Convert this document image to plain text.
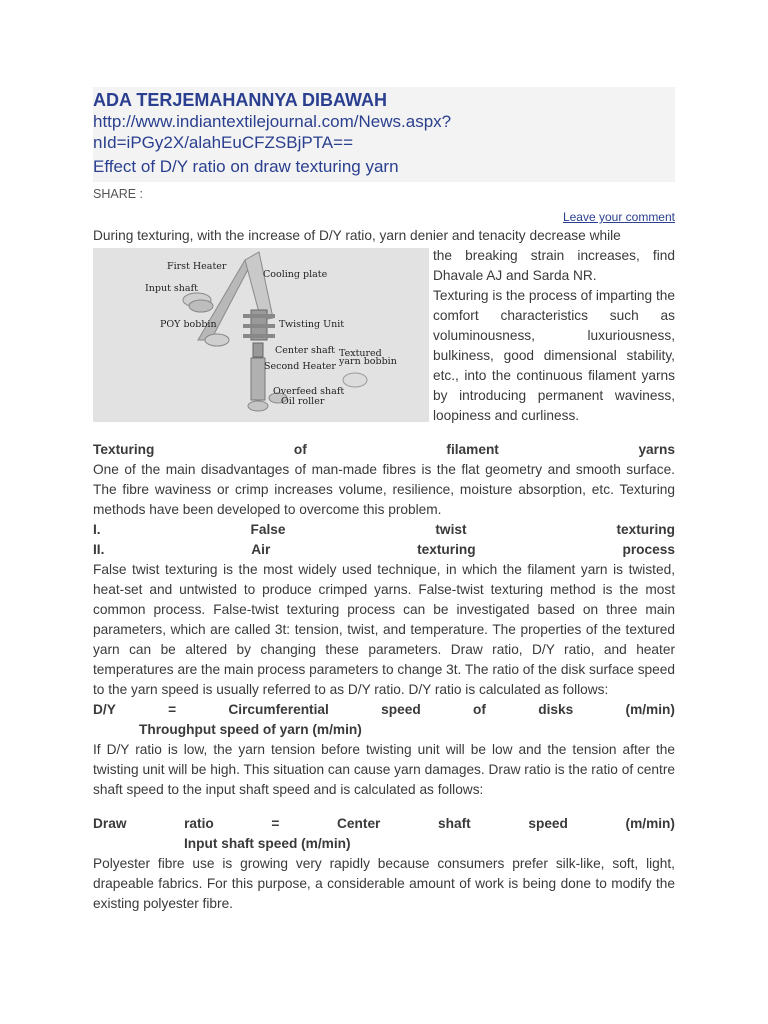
ADA TERJEMAHANNYA DIBAWAH
http://www.indiantextilejournal.com/News.aspx?
nId=iPGy2X/alahEuCFZSBjPTA==
Effect of D/Y ratio on draw texturing yarn
SHARE :
Leave your comment

During texturing, with the increase of D/Y ratio, yarn denier and tenacity decrease while

First Heater
Cooling plate
Input shaft
POY bobbin	Twisting Unit
Center shaft Textured
yarn bobbin
Second Heater
Overfeed shaft
Oil roller

the breaking strain increases, find Dhavale AJ and Sarda NR.

Texturing is the process of imparting the comfort characteristics such as voluminousness, luxuriousness, bulkiness, good dimensional stability, etc., into the continuous filament yarns by introducing permanent waviness, loopiness and curliness.

Texturing	of	filament	yarns

One of the main disadvantages of man-made fibres is the flat geometry and smooth surface. The fibre waviness or crimp increases volume, resilience, moisture absorption, etc. Texturing methods have been developed to overcome this problem.

I.	False	twist	texturing
II.	Air	texturing	process

False twist texturing is the most widely used technique, in which the filament yarn is twisted, heat-set and untwisted to produce crimped yarns. False-twist texturing method is the most common process. False-twist texturing process can be investigated based on three main parameters, which are called 3t: tension, twist, and temperature. The properties of the textured yarn can be altered by changing these parameters. Draw ratio, D/Y ratio, and heater temperatures are the main process parameters to change 3t. The ratio of the disk surface speed to the yarn speed is usually referred to as D/Y ratio. D/Y ratio is calculated as follows:

D/Y	=	Circumferential	speed	of	disks	(m/min)
Throughput speed of yarn (m/min)

If D/Y ratio is low, the yarn tension before twisting unit will be low and the tension after the twisting unit will be high. This situation can cause yarn damages. Draw ratio is the ratio of centre shaft speed to the input shaft speed and is calculated as follows:

Draw	ratio	=	Center	shaft	speed	(m/min)
Input shaft speed (m/min)

Polyester fibre use is growing very rapidly because consumers prefer silk-like, soft, light, drapeable fabrics. For this purpose, a considerable amount of work is being done to modify the existing polyester fibre.
